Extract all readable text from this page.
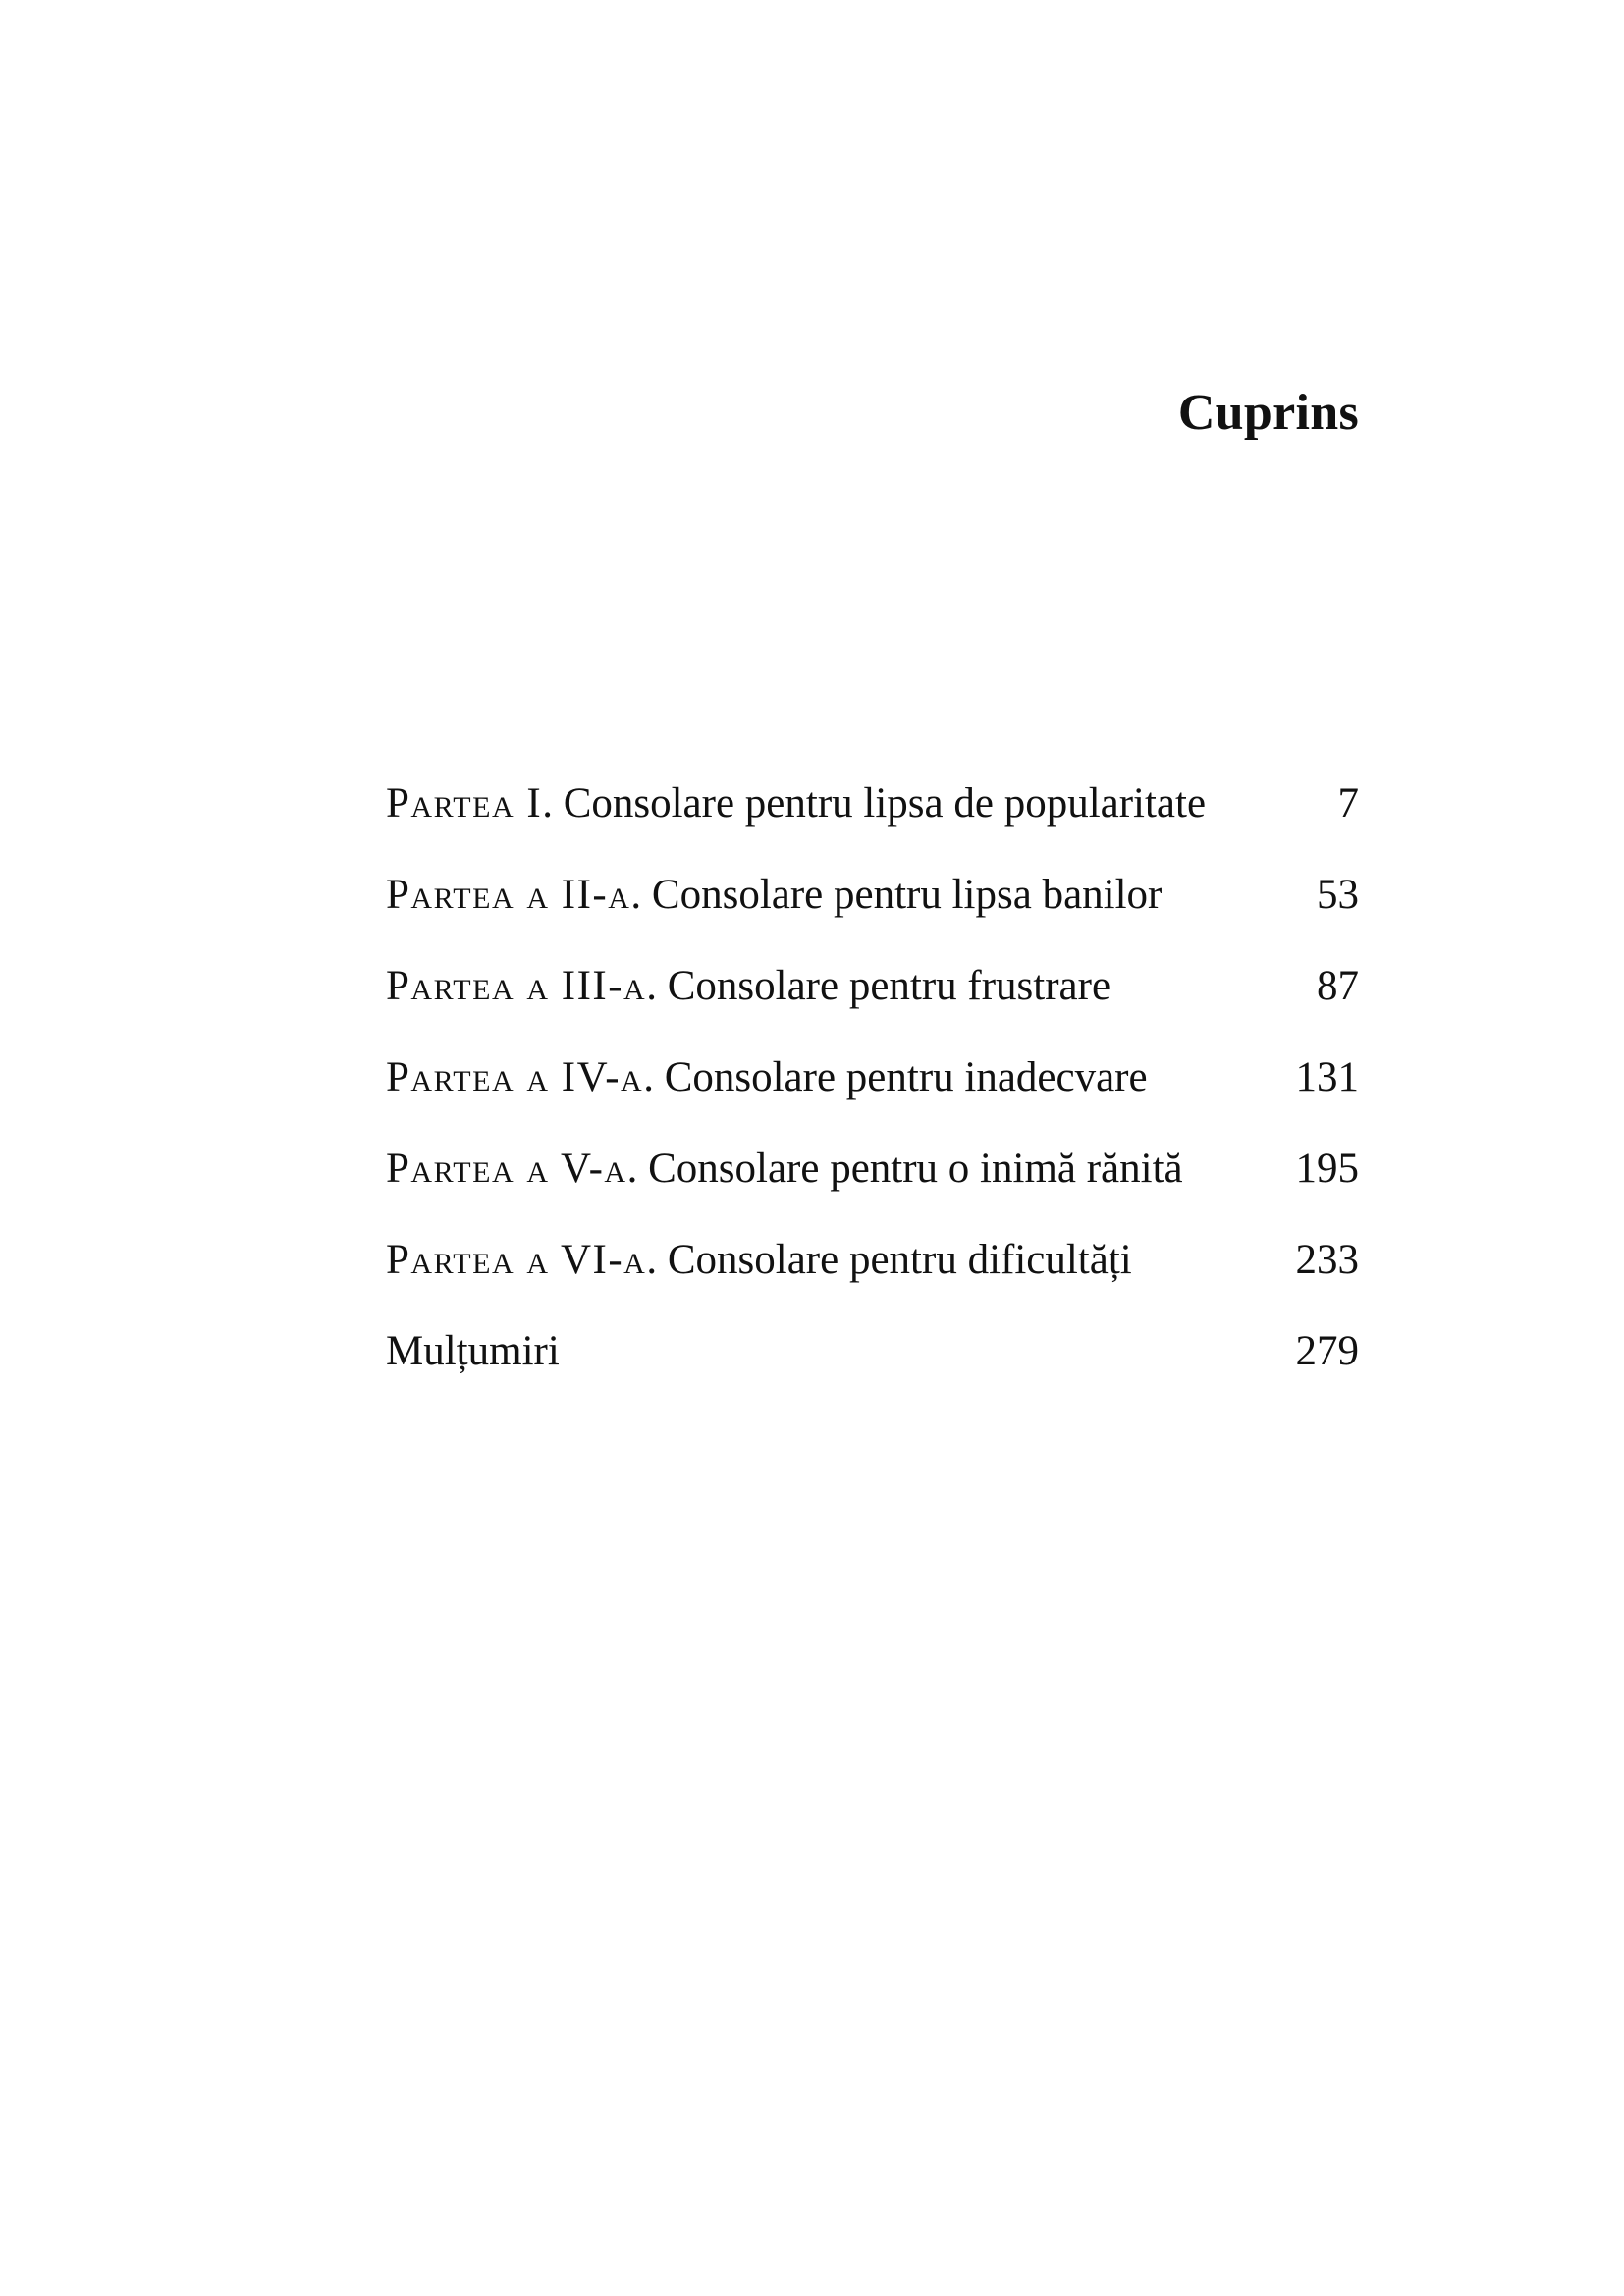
Cuprins
Partea I. Consolare pentru lipsa de popularitate	7
Partea a II-a. Consolare pentru lipsa banilor	53
Partea a III-a. Consolare pentru frustrare	87
Partea a IV-a. Consolare pentru inadecvare	131
Partea a V-a. Consolare pentru o inimă rănită	195
Partea a VI-a. Consolare pentru dificultăți	233
Mulțumiri	279
